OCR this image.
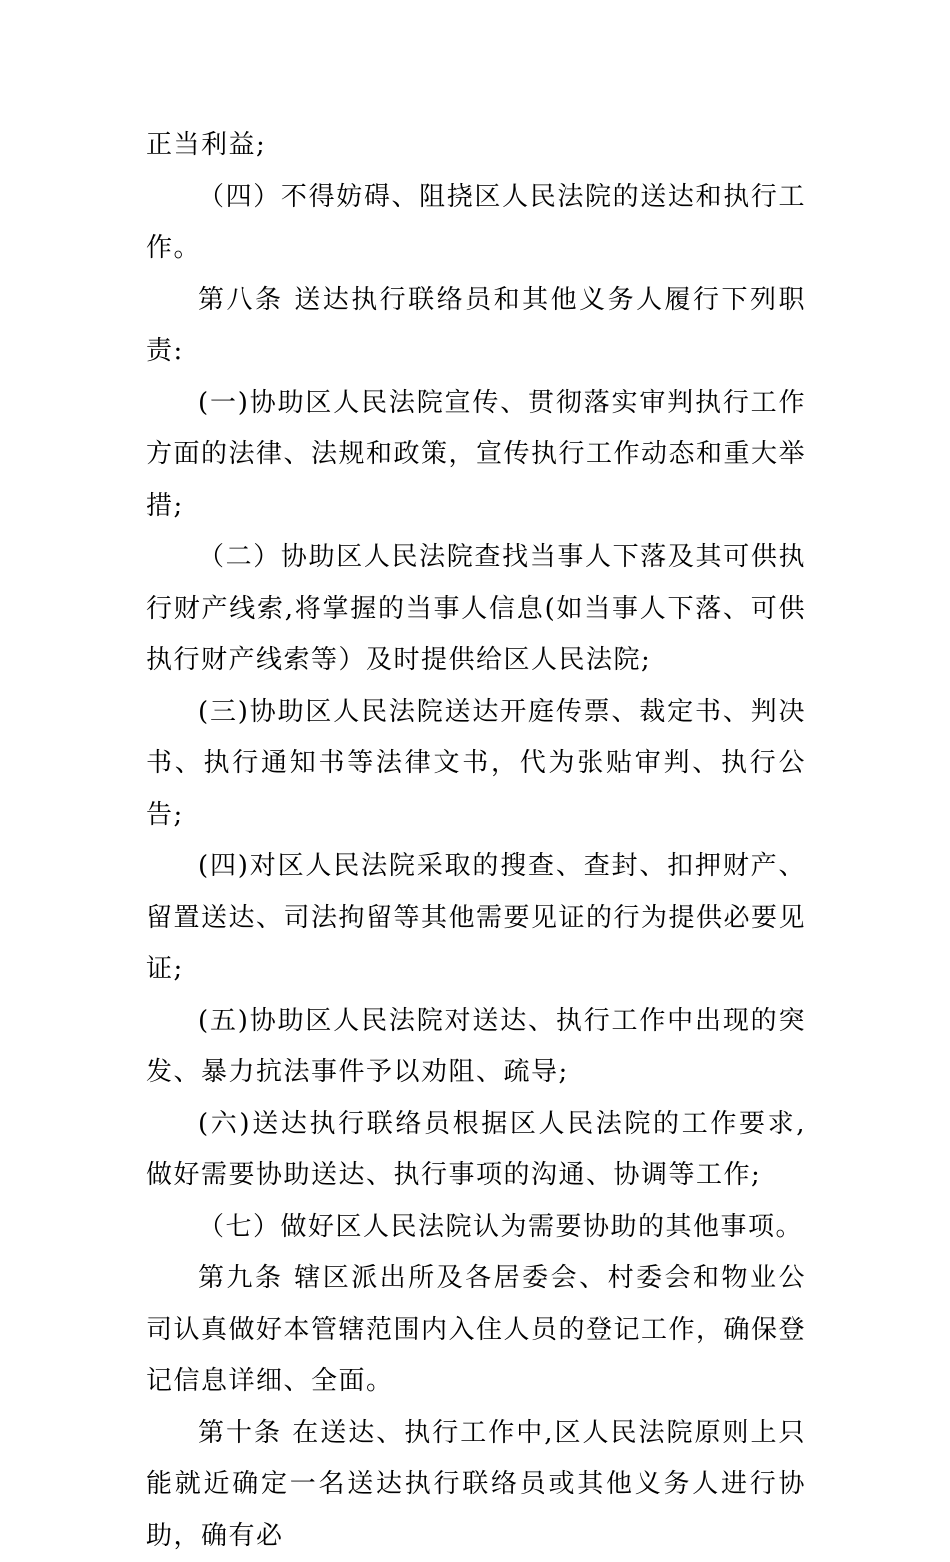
正当利益;

（四）不得妨碍、阻挠区人民法院的送达和执行工作。

第八条 送达执行联络员和其他义务人履行下列职责:

(一)协助区人民法院宣传、贯彻落实审判执行工作方面的法律、法规和政策，宣传执行工作动态和重大举措;

（二）协助区人民法院查找当事人下落及其可供执行财产线索,将掌握的当事人信息(如当事人下落、可供执行财产线索等）及时提供给区人民法院;

(三)协助区人民法院送达开庭传票、裁定书、判决书、执行通知书等法律文书，代为张贴审判、执行公告;

(四)对区人民法院采取的搜查、查封、扣押财产、留置送达、司法拘留等其他需要见证的行为提供必要见证;

(五)协助区人民法院对送达、执行工作中出现的突发、暴力抗法事件予以劝阻、疏导;

(六)送达执行联络员根据区人民法院的工作要求,做好需要协助送达、执行事项的沟通、协调等工作;

（七）做好区人民法院认为需要协助的其他事项。

第九条 辖区派出所及各居委会、村委会和物业公司认真做好本管辖范围内入住人员的登记工作，确保登记信息详细、全面。

第十条 在送达、执行工作中,区人民法院原则上只能就近确定一名送达执行联络员或其他义务人进行协助，确有必
